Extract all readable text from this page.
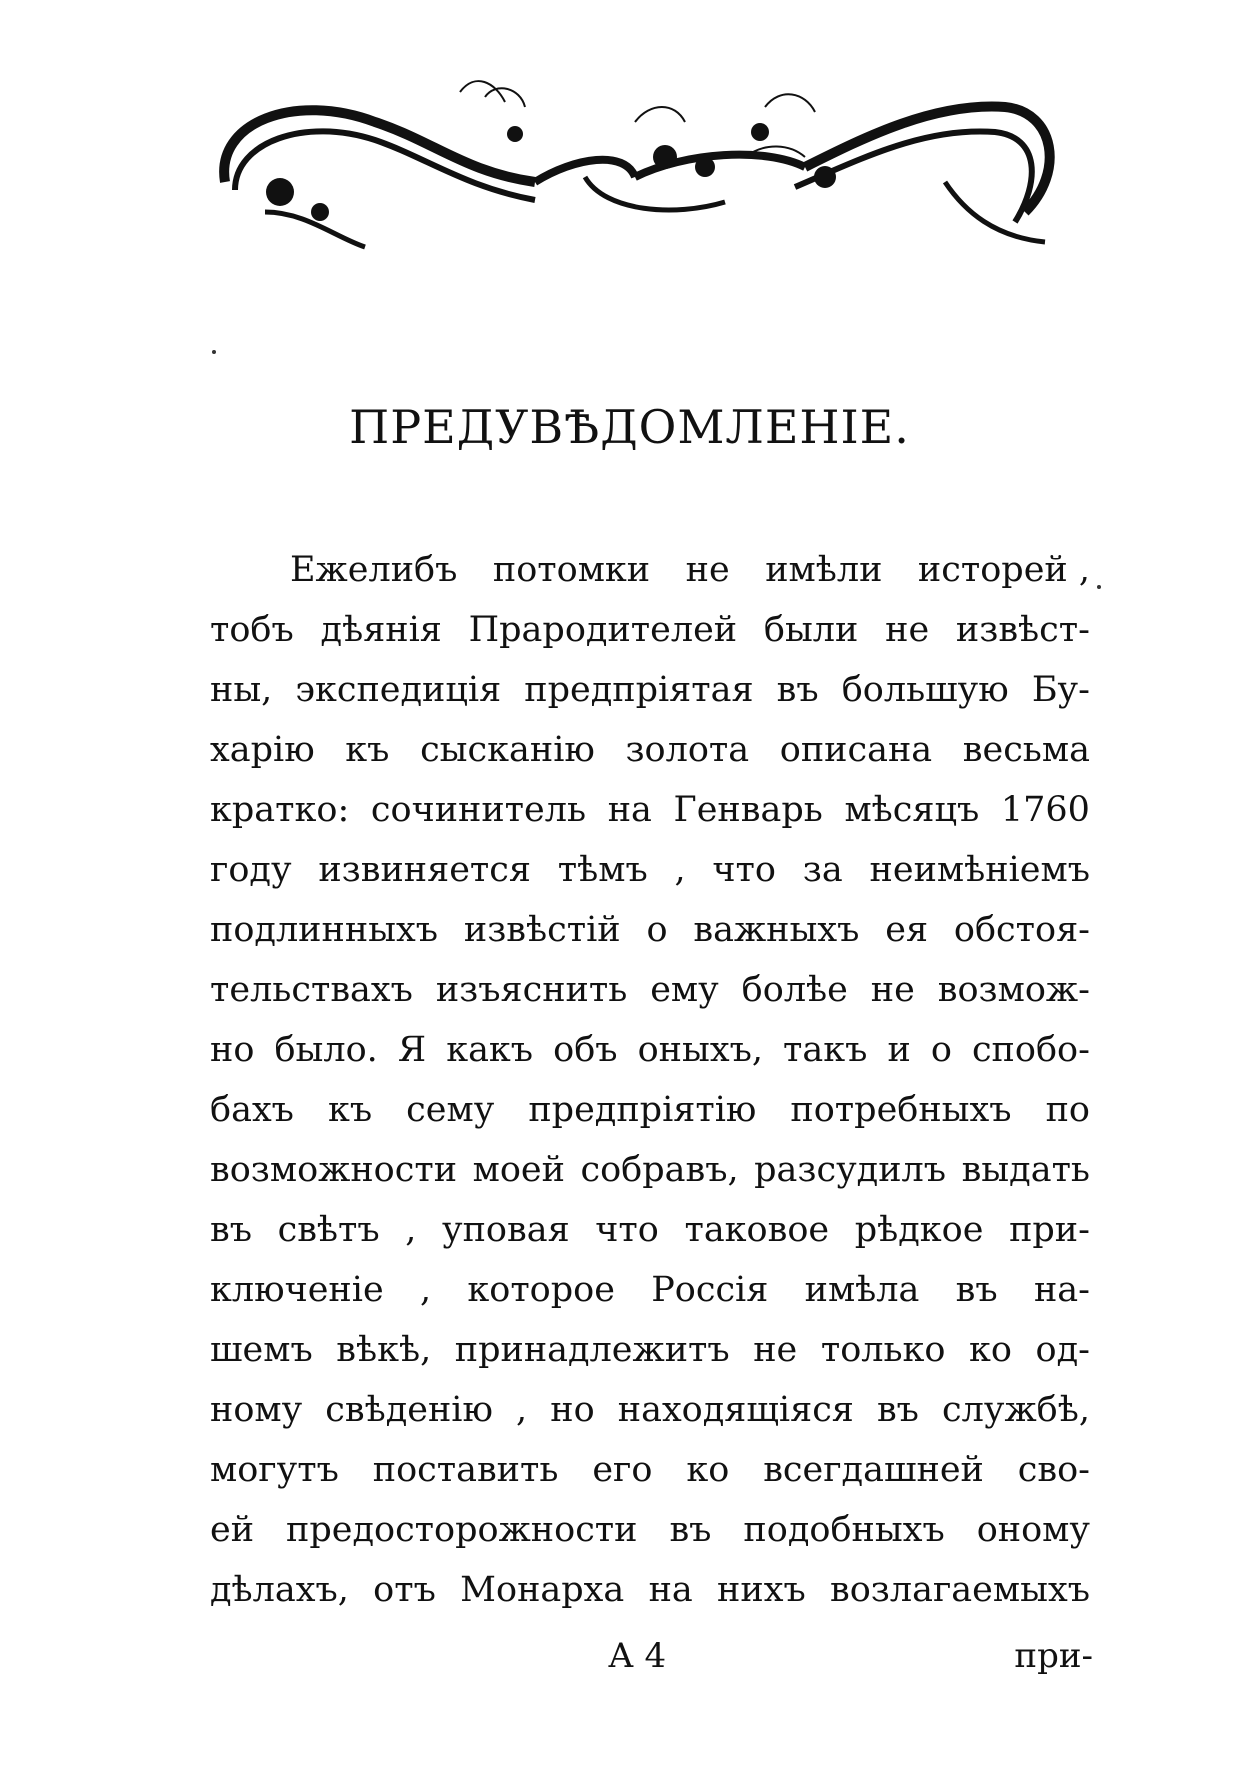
ПРЕДУВѢДОМЛЕНІЕ.
Ежелибъ потомки не имѣли исторей ,
тобъ дѣянія Прародителей были не извѣст-
ны, экспедиція предпріятая въ большую Бу-
харію къ сысканію золота описана весьма
кратко: сочинитель на Генварь мѣсяцъ 1760
году извиняется тѣмъ , что за неимѣніемъ
подлинныхъ извѣстій о важныхъ ея обстоя-
тельствахъ изъяснить ему болѣе не возмож-
но было. Я какъ объ оныхъ, такъ и о спобо-
бахъ къ сему предпріятію потребныхъ по
возможности моей собравъ, разсудилъ выдать
въ свѣтъ , уповая что таковое рѣдкое при-
ключеніе , которое Россія имѣла въ на-
шемъ вѣкѣ, принадлежитъ не только ко од-
ному свѣденію , но находящіяся въ службѣ,
могутъ поставить его ко всегдашней сво-
ей предосторожности въ подобныхъ оному
дѣлахъ, отъ Монарха на нихъ возлагаемыхъ
А 4	при-
